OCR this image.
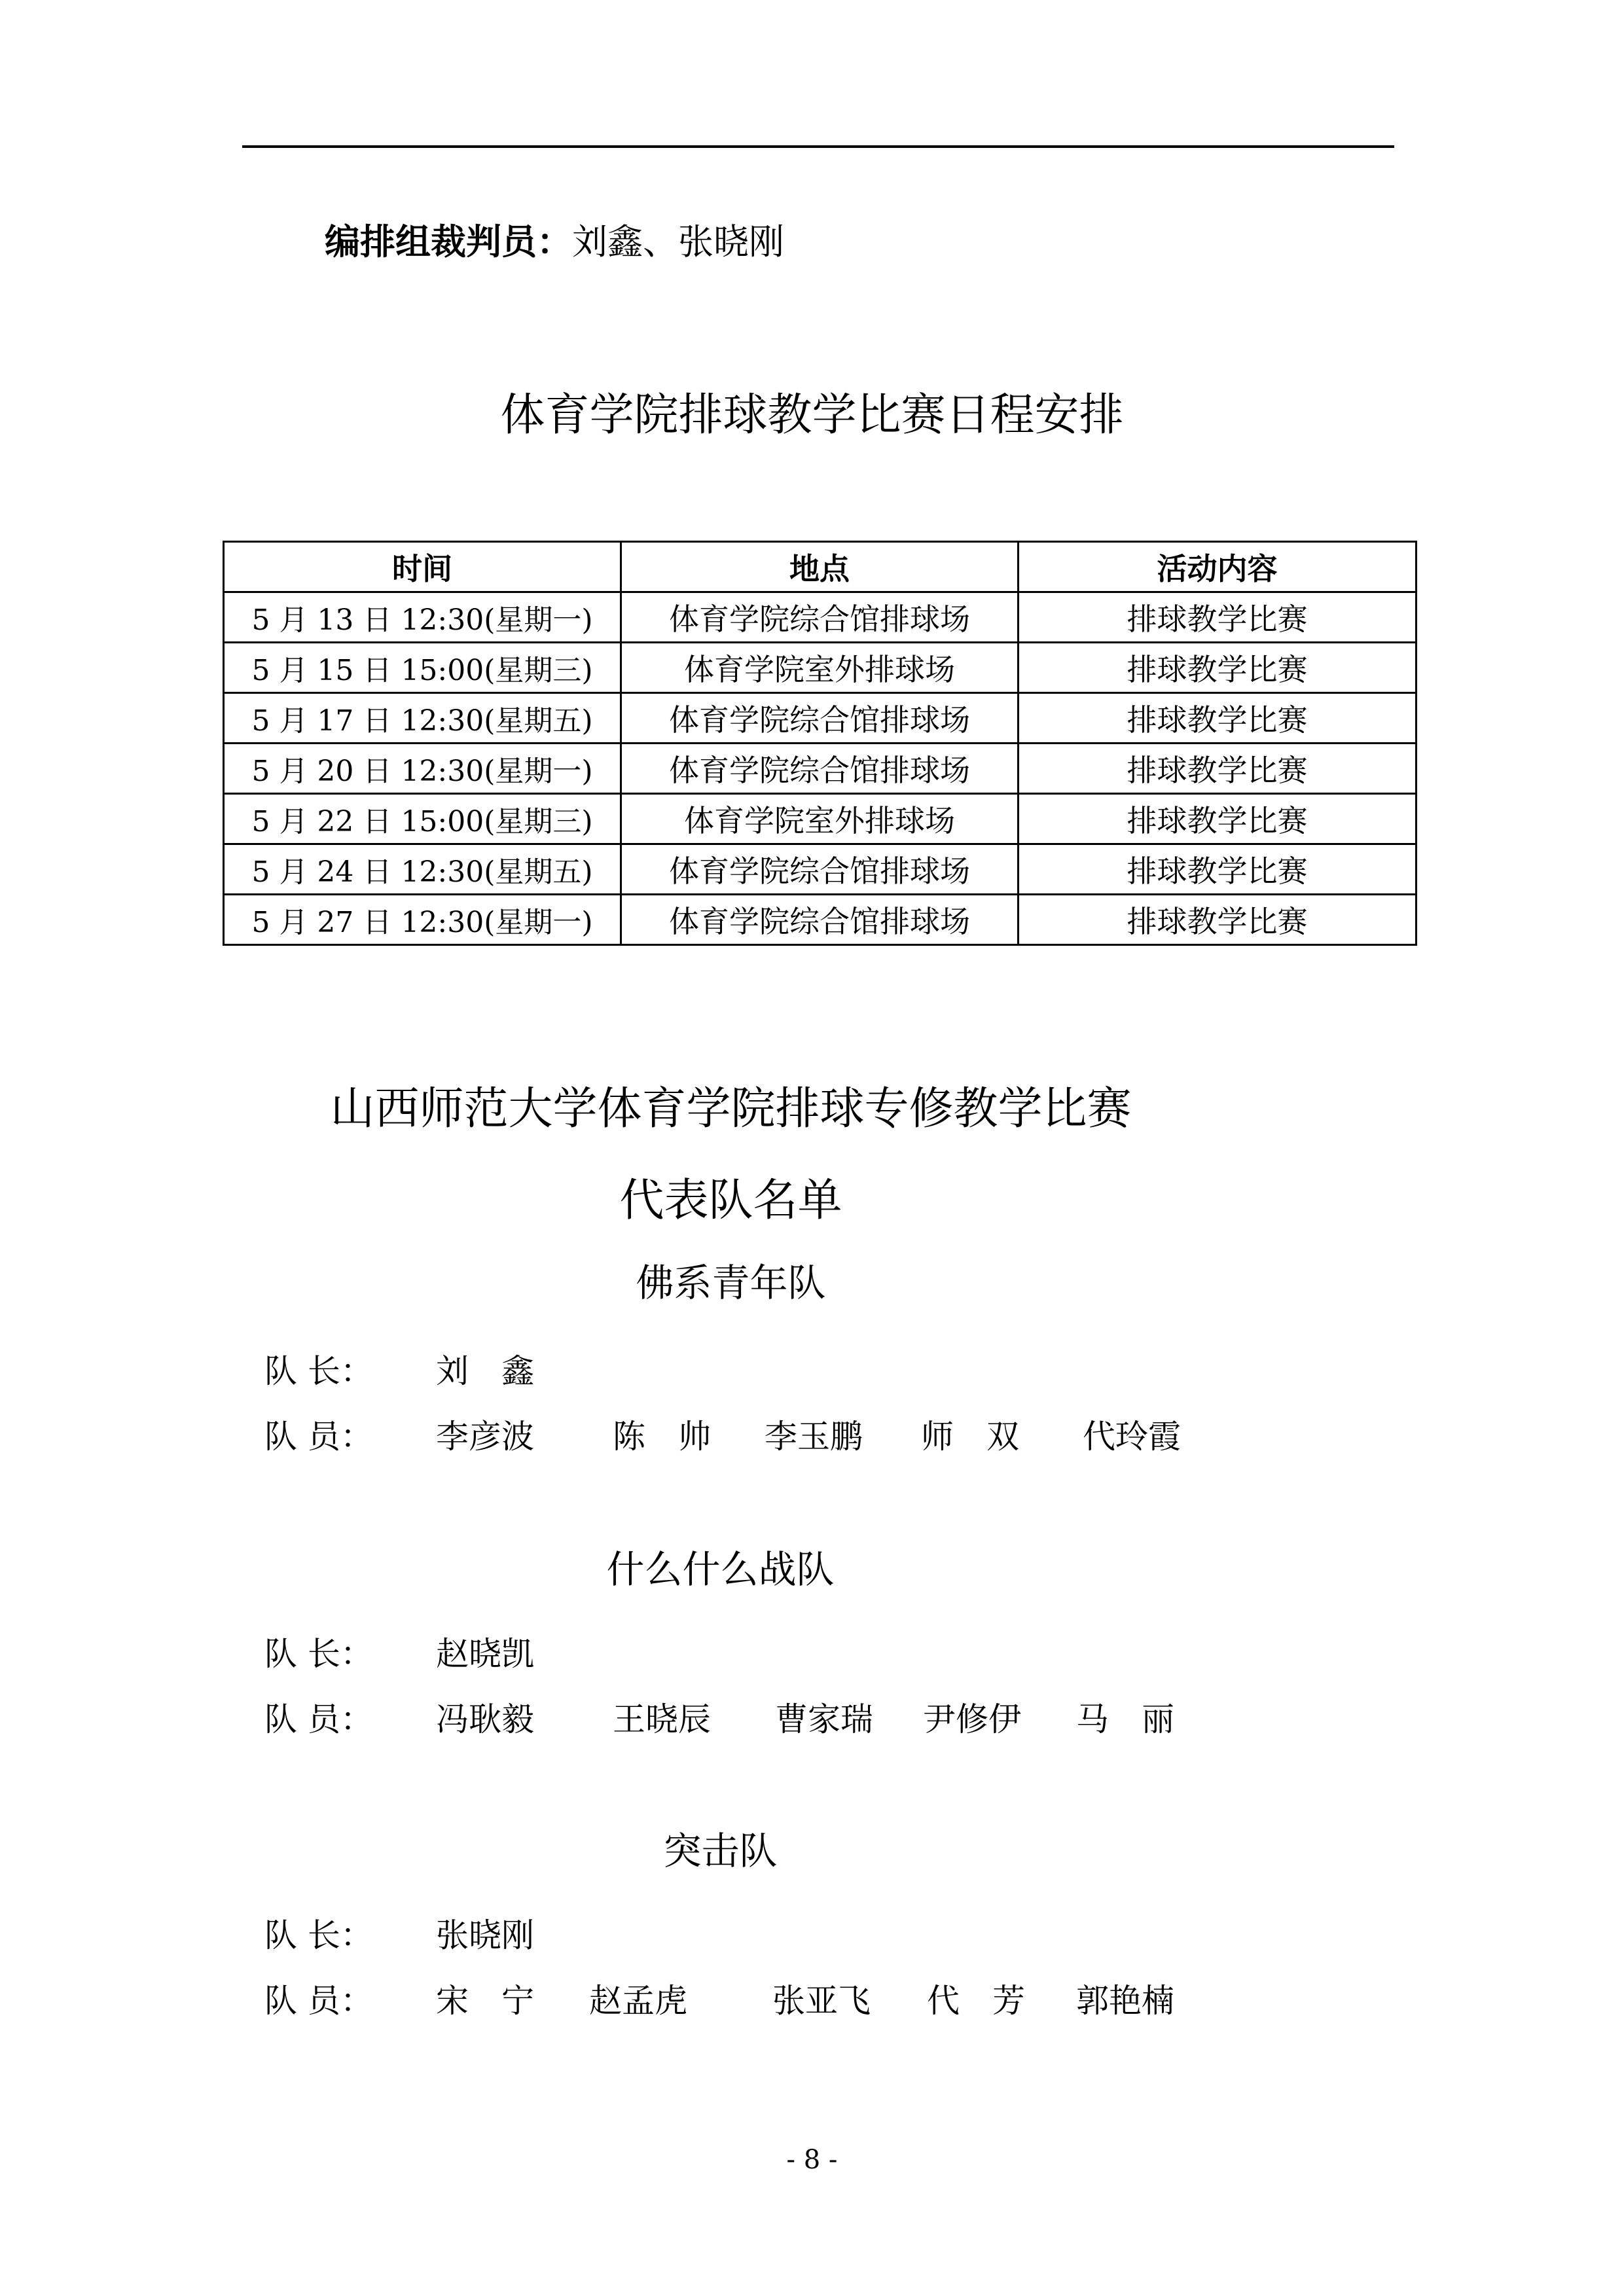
编排组裁判员：刘鑫、张晓刚
体育学院排球教学比赛日程安排
时间	地点	活动内容
5 月 13 日 12:30(星期一)	体育学院综合馆排球场	排球教学比赛
5 月 15 日 15:00(星期三)	体育学院室外排球场	排球教学比赛
5 月 17 日 12:30(星期五)	体育学院综合馆排球场	排球教学比赛
5 月 20 日 12:30(星期一)	体育学院综合馆排球场	排球教学比赛
5 月 22 日 15:00(星期三)	体育学院室外排球场	排球教学比赛
5 月 24 日 12:30(星期五)	体育学院综合馆排球场	排球教学比赛
5 月 27 日 12:30(星期一)	体育学院综合馆排球场	排球教学比赛
山西师范大学体育学院排球专修教学比赛
代表队名单
佛系青年队
队 长： 刘　鑫
队 员： 李彦波 陈　帅 李玉鹏 师　双 代玲霞
什么什么战队
队 长： 赵晓凯
队 员： 冯耿毅 王晓辰 曹家瑞 尹修伊 马　丽
突击队
队 长： 张晓刚
队 员： 宋　宁 赵孟虎	张亚飞 代　芳 郭艳楠
- 8 -
